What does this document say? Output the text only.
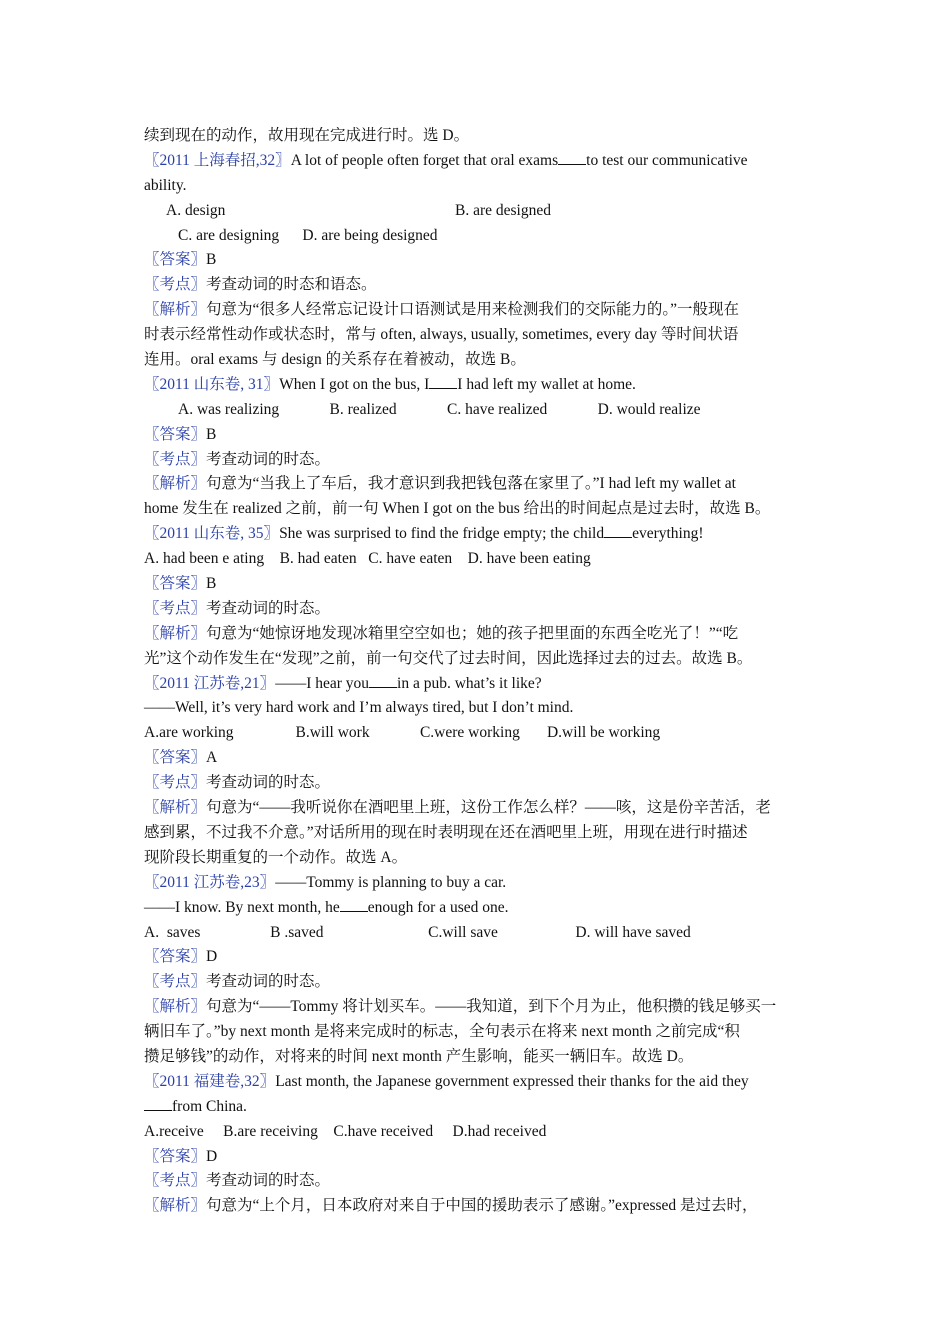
续到现在的动作，故用现在完成进行时。选 D。
〖2011 上海春招,32〗A lot of people often forget that oral exams to test our communicative
ability.
A. design	B. are designed
C. are designing      D. are being designed
〖答案〗B
〖考点〗考查动词的时态和语态。
〖解析〗句意为“很多人经常忘记设计口语测试是用来检测我们的交际能力的。”一般现在
时表示经常性动作或状态时，常与 often, always, usually, sometimes, every day 等时间状语
连用。oral exams 与 design 的关系存在着被动，故选 B。
〖2011 山东卷, 31〗When I got on the bus, I I had left my wallet at home.
A. was realizing             B. realized             C. have realized             D. would realize
〖答案〗B
〖考点〗考查动词的时态。
〖解析〗句意为“当我上了车后，我才意识到我把钱包落在家里了。”I had left my wallet at
home 发生在 realized 之前，前一句 When I got on the bus 给出的时间起点是过去时，故选 B。
〖2011 山东卷, 35〗She was surprised to find the fridge empty; the child everything!
A. had been e ating    B. had eaten   C. have eaten    D. have been eating
〖答案〗B
〖考点〗考查动词的时态。
〖解析〗句意为“她惊讶地发现冰箱里空空如也；她的孩子把里面的东西全吃光了！”“吃
光”这个动作发生在“发现”之前，前一句交代了过去时间，因此选择过去的过去。故选 B。
〖2011 江苏卷,21〗——I hear you in a pub. what’s it like?
——Well, it’s very hard work and I’m always tired, but I don’t mind.
A.are working                B.will work             C.were working       D.will be working
〖答案〗A
〖考点〗考查动词的时态。
〖解析〗句意为“——我听说你在酒吧里上班，这份工作怎么样？——咳，这是份辛苦活，老
感到累，不过我不介意。”对话所用的现在时表明现在还在酒吧里上班，用现在进行时描述
现阶段长期重复的一个动作。故选 A。
〖2011 江苏卷,23〗——Tommy is planning to buy a car.
——I know. By next month, he enough for a used one.
A.  saves                  B .saved                           C.will save                    D. will have saved
〖答案〗D
〖考点〗考查动词的时态。
〖解析〗句意为“——Tommy 将计划买车。——我知道，到下个月为止，他积攒的钱足够买一
辆旧车了。”by next month 是将来完成时的标志，全句表示在将来 next month 之前完成“积
攒足够钱”的动作，对将来的时间 next month 产生影响，能买一辆旧车。故选 D。
〖2011 福建卷,32〗Last month, the Japanese government expressed their thanks for the aid they
from China.
A.receive     B.are receiving    C.have received     D.had received
〖答案〗D
〖考点〗考查动词的时态。
〖解析〗句意为“上个月，日本政府对来自于中国的援助表示了感谢。”expressed 是过去时，
